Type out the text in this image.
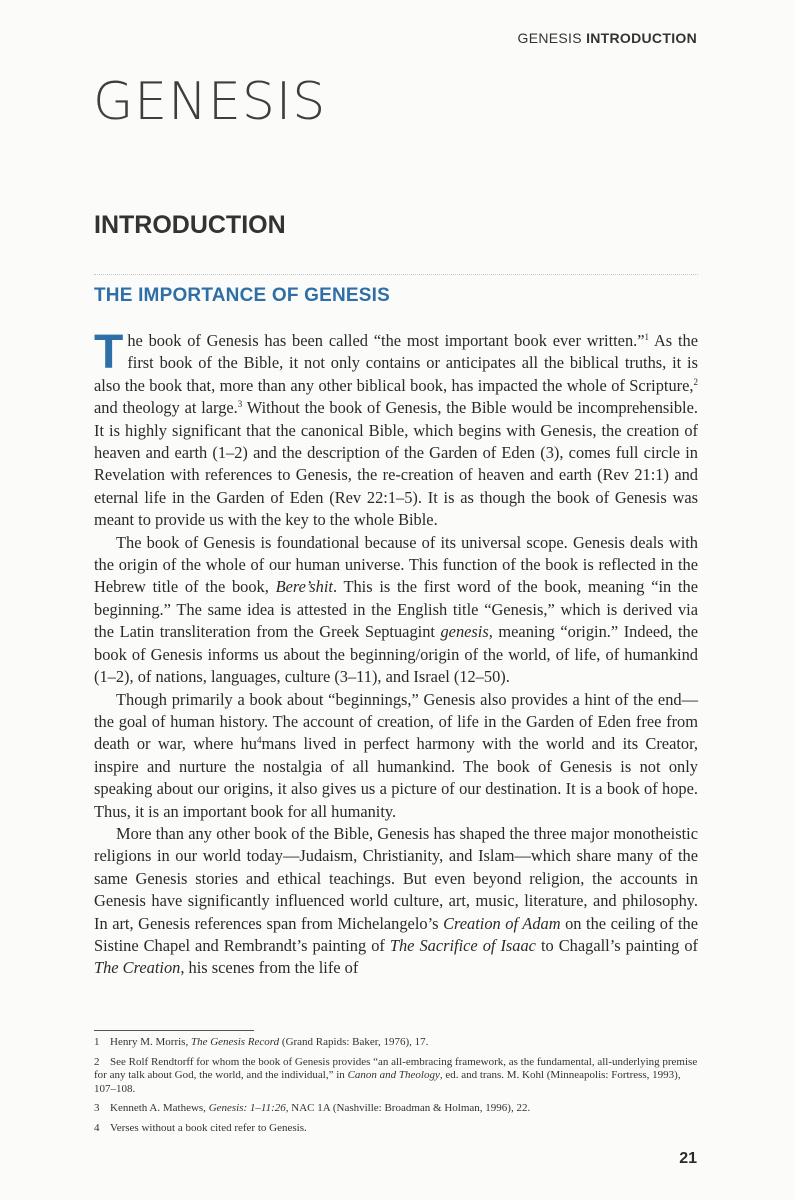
GENESIS INTRODUCTION
GENESIS
INTRODUCTION
THE IMPORTANCE OF GENESIS

The book of Genesis has been called “the most important book ever written.”$^1$ As the first book of the Bible, it not only contains or anticipates all the biblical truths, it is also the book that, more than any other biblical book, has impacted the whole of Scripture,$^2$ and theology at large.$^3$ Without the book of Genesis, the Bible would be incomprehensible. It is highly significant that the canonical Bible, which begins with Genesis, the creation of heaven and earth (1–2) and the description of the Garden of Eden (3), comes full circle in Revelation with references to Genesis, the re-creation of heaven and earth (Rev 21:1) and eternal life in the Garden of Eden (Rev 22:1–5). It is as though the book of Genesis was meant to provide us with the key to the whole Bible.

The book of Genesis is foundational because of its universal scope. Genesis deals with the origin of the whole of our human universe. This function of the book is reflected in the Hebrew title of the book, Bere’shit. This is the first word of the book, meaning “in the beginning.” The same idea is attested in the English title “Genesis,” which is derived via the Latin transliteration from the Greek Septuagint genesis, meaning “origin.” Indeed, the book of Genesis informs us about the beginning/origin of the world, of life, of humankind (1–2), of nations, languages, culture (3–11), and Israel (12–50).

Though primarily a book about “beginnings,” Genesis also provides a hint of the end—the goal of human history. The account of creation, of life in the Garden of Eden free from death or war, where $hu^4mans$ lived in perfect harmony with the world and its Creator, inspire and nurture the nostalgia of all humankind. The book of Genesis is not only speaking about our origins, it also gives us a picture of our destination. It is a book of hope. Thus, it is an important book for all humanity.

More than any other book of the Bible, Genesis has shaped the three major monotheistic religions in our world today—Judaism, Christianity, and Islam—which share many of the same Genesis stories and ethical teachings. But even beyond religion, the accounts in Genesis have significantly influenced world culture, art, music, literature, and philosophy. In art, Genesis references span from Michelangelo’s Creation of Adam on the ceiling of the Sistine Chapel and Rembrandt’s painting of The Sacrifice of Isaac to Chagall’s painting of The Creation, his scenes from the life of

1 Henry M. Morris, The Genesis Record (Grand Rapids: Baker, 1976), 17.

2 See Rolf Rendtorff for whom the book of Genesis provides “an all-embracing framework, as the fundamental, all-underlying premise for any talk about God, the world, and the individual,” in Canon and Theology, ed. and trans. M. Kohl (Minneapolis: Fortress, 1993), 107–108.

3 Kenneth A. Mathews, Genesis: 1–11:26, NAC 1A (Nashville: Broadman & Holman, 1996), 22.

4 Verses without a book cited refer to Genesis.

21
